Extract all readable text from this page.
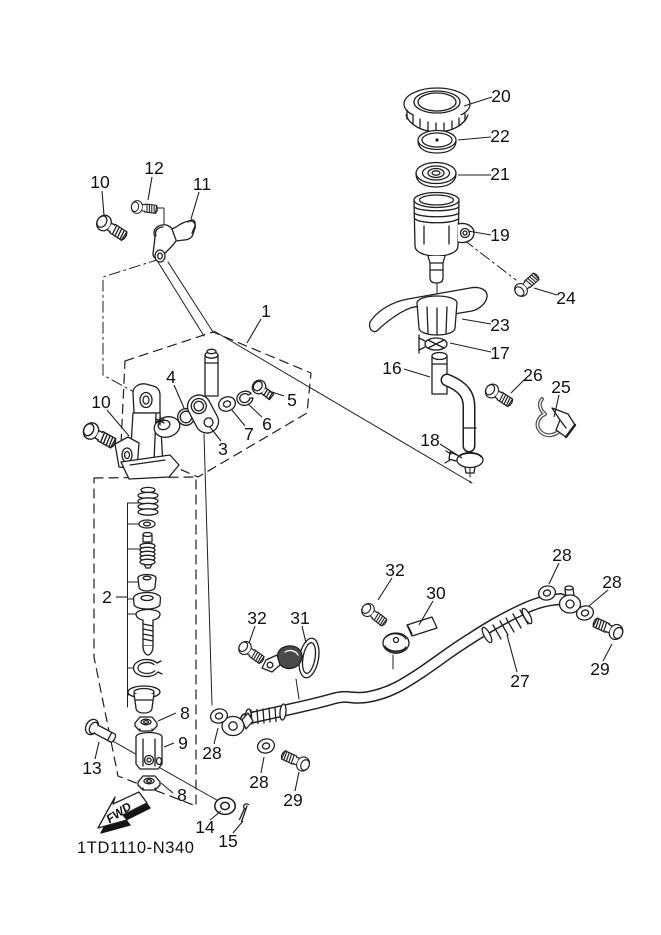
1
2
3
4
5
6
7
8
8
9
10
10
11
12
13
14
15
16
17
18
19
20
21
22
23
24
25
26
27
28
28
28
28
29
29
30
31
32
32
FWD
1TD1110-N340
